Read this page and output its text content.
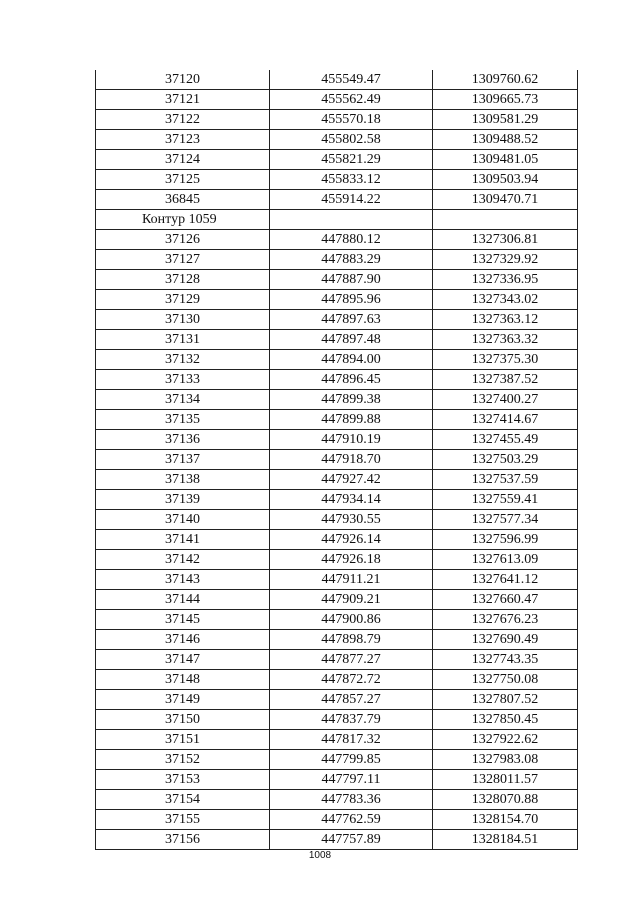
37120	455549.47	1309760.62
37121	455562.49	1309665.73
37122	455570.18	1309581.29
37123	455802.58	1309488.52
37124	455821.29	1309481.05
37125	455833.12	1309503.94
36845	455914.22	1309470.71
Контур 1059		
37126	447880.12	1327306.81
37127	447883.29	1327329.92
37128	447887.90	1327336.95
37129	447895.96	1327343.02
37130	447897.63	1327363.12
37131	447897.48	1327363.32
37132	447894.00	1327375.30
37133	447896.45	1327387.52
37134	447899.38	1327400.27
37135	447899.88	1327414.67
37136	447910.19	1327455.49
37137	447918.70	1327503.29
37138	447927.42	1327537.59
37139	447934.14	1327559.41
37140	447930.55	1327577.34
37141	447926.14	1327596.99
37142	447926.18	1327613.09
37143	447911.21	1327641.12
37144	447909.21	1327660.47
37145	447900.86	1327676.23
37146	447898.79	1327690.49
37147	447877.27	1327743.35
37148	447872.72	1327750.08
37149	447857.27	1327807.52
37150	447837.79	1327850.45
37151	447817.32	1327922.62
37152	447799.85	1327983.08
37153	447797.11	1328011.57
37154	447783.36	1328070.88
37155	447762.59	1328154.70
37156	447757.89	1328184.51
1008
